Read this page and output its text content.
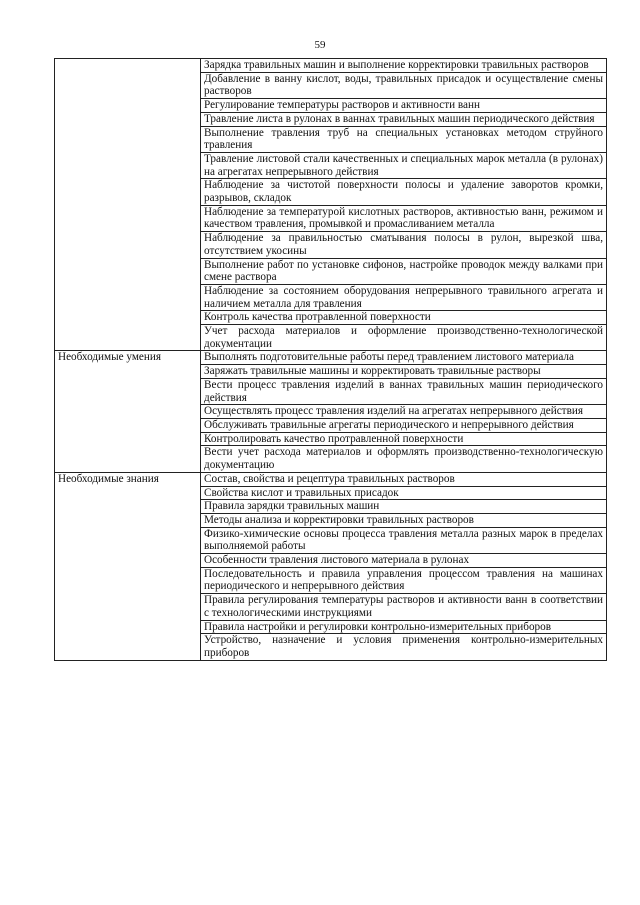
59
	Зарядка травильных машин и выполнение корректировки травильных растворов
	Добавление в ванну кислот, воды, травильных присадок и осуществление смены растворов
	Регулирование температуры растворов и активности ванн
	Травление листа в рулонах в ваннах травильных машин периодического действия
	Выполнение травления труб на специальных установках методом струйного травления
	Травление листовой стали качественных и специальных марок металла (в рулонах) на агрегатах непрерывного действия
	Наблюдение за чистотой поверхности полосы и удаление заворотов кромки, разрывов, складок
	Наблюдение за температурой кислотных растворов, активностью ванн, режимом и качеством травления, промывкой и промасливанием металла
	Наблюдение за правильностью сматывания полосы в рулон, вырезкой шва, отсутствием укосины
	Выполнение работ по установке сифонов, настройке проводок между валками при смене раствора
	Наблюдение за состоянием оборудования непрерывного травильного агрегата и наличием металла для травления
	Контроль качества протравленной поверхности
	Учет расхода материалов и оформление производственно-технологической документации
Необходимые умения	Выполнять подготовительные работы перед травлением листового материала
	Заряжать травильные машины и корректировать травильные растворы
	Вести процесс травления изделий в ваннах травильных машин периодического действия
	Осуществлять процесс травления изделий на агрегатах непрерывного действия
	Обслуживать травильные агрегаты периодического и непрерывного действия
	Контролировать качество протравленной поверхности
	Вести учет расхода материалов и оформлять производственно-технологическую документацию
Необходимые знания	Состав, свойства и рецептура травильных растворов
	Свойства кислот и травильных присадок
	Правила зарядки травильных машин
	Методы анализа и корректировки травильных растворов
	Физико-химические основы процесса травления металла разных марок в пределах выполняемой работы
	Особенности травления листового материала в рулонах
	Последовательность и правила управления процессом травления на машинах периодического и непрерывного действия
	Правила регулирования температуры растворов и активности ванн в соответствии с технологическими инструкциями
	Правила настройки и регулировки контрольно-измерительных приборов
	Устройство, назначение и условия применения контрольно-измерительных приборов
